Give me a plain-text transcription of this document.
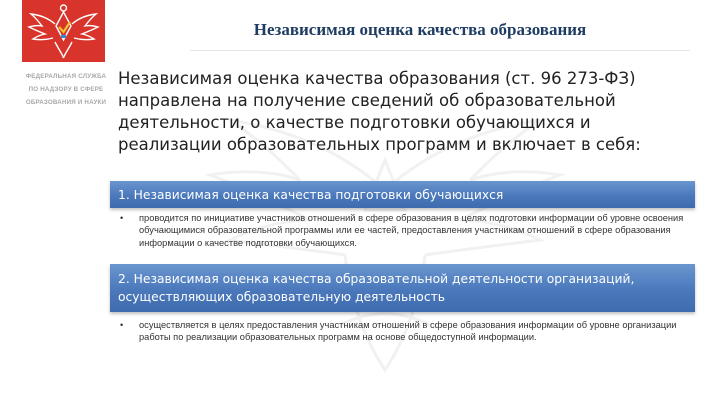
ФЕДЕРАЛЬНАЯ СЛУЖБА
ПО НАДЗОРУ В СФЕРЕ
ОБРАЗОВАНИЯ И НАУКИ
Независимая оценка качества образования
Независимая оценка качества образования (ст. 96 273-ФЗ) направлена на получение сведений об образовательной деятельности, о качестве подготовки обучающихся и реализации образовательных программ и включает в себя:
1. Независимая оценка качества подготовки обучающихся
•	проводится по инициативе участников отношений в сфере образования в целях подготовки информации об уровне освоения обучающимися образовательной программы или ее частей, предоставления участникам отношений в сфере образования информации о качестве подготовки обучающихся.
2. Независимая оценка качества образовательной деятельности организаций, осуществляющих образовательную деятельность
•	осуществляется в целях предоставления участникам отношений в сфере образования информации об уровне организации работы по реализации образовательных программ на основе общедоступной информации.
